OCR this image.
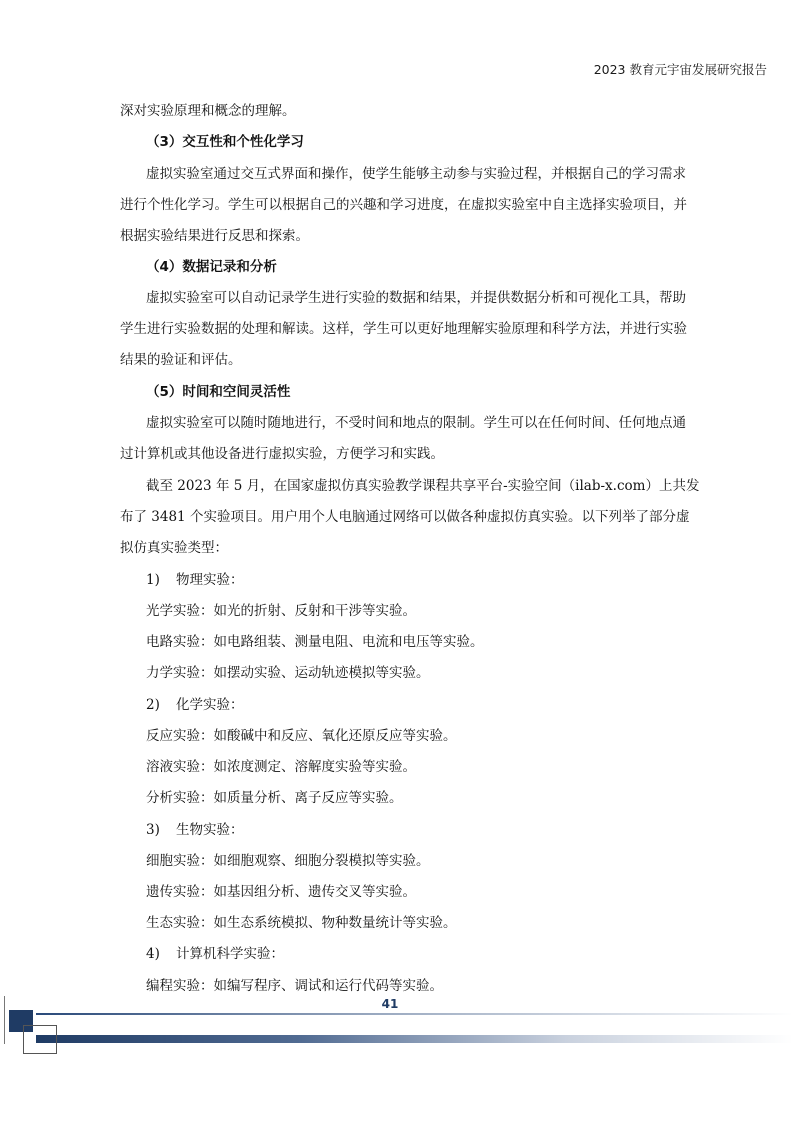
2023 教育元宇宙发展研究报告
深对实验原理和概念的理解。
（3）交互性和个性化学习
虚拟实验室通过交互式界面和操作，使学生能够主动参与实验过程，并根据自己的学习需求
进行个性化学习。学生可以根据自己的兴趣和学习进度，在虚拟实验室中自主选择实验项目，并
根据实验结果进行反思和探索。
（4）数据记录和分析
虚拟实验室可以自动记录学生进行实验的数据和结果，并提供数据分析和可视化工具，帮助
学生进行实验数据的处理和解读。这样，学生可以更好地理解实验原理和科学方法，并进行实验
结果的验证和评估。
（5）时间和空间灵活性
虚拟实验室可以随时随地进行，不受时间和地点的限制。学生可以在任何时间、任何地点通
过计算机或其他设备进行虚拟实验，方便学习和实践。
截至 2023 年 5 月，在国家虚拟仿真实验教学课程共享平台-实验空间（ilab-x.com）上共发
布了 3481 个实验项目。用户用个人电脑通过网络可以做各种虚拟仿真实验。以下列举了部分虚
拟仿真实验类型：
1) 物理实验：
光学实验：如光的折射、反射和干涉等实验。
电路实验：如电路组装、测量电阻、电流和电压等实验。
力学实验：如摆动实验、运动轨迹模拟等实验。
2) 化学实验：
反应实验：如酸碱中和反应、氧化还原反应等实验。
溶液实验：如浓度测定、溶解度实验等实验。
分析实验：如质量分析、离子反应等实验。
3) 生物实验：
细胞实验：如细胞观察、细胞分裂模拟等实验。
遗传实验：如基因组分析、遗传交叉等实验。
生态实验：如生态系统模拟、物种数量统计等实验。
4) 计算机科学实验：
编程实验：如编写程序、调试和运行代码等实验。
41
